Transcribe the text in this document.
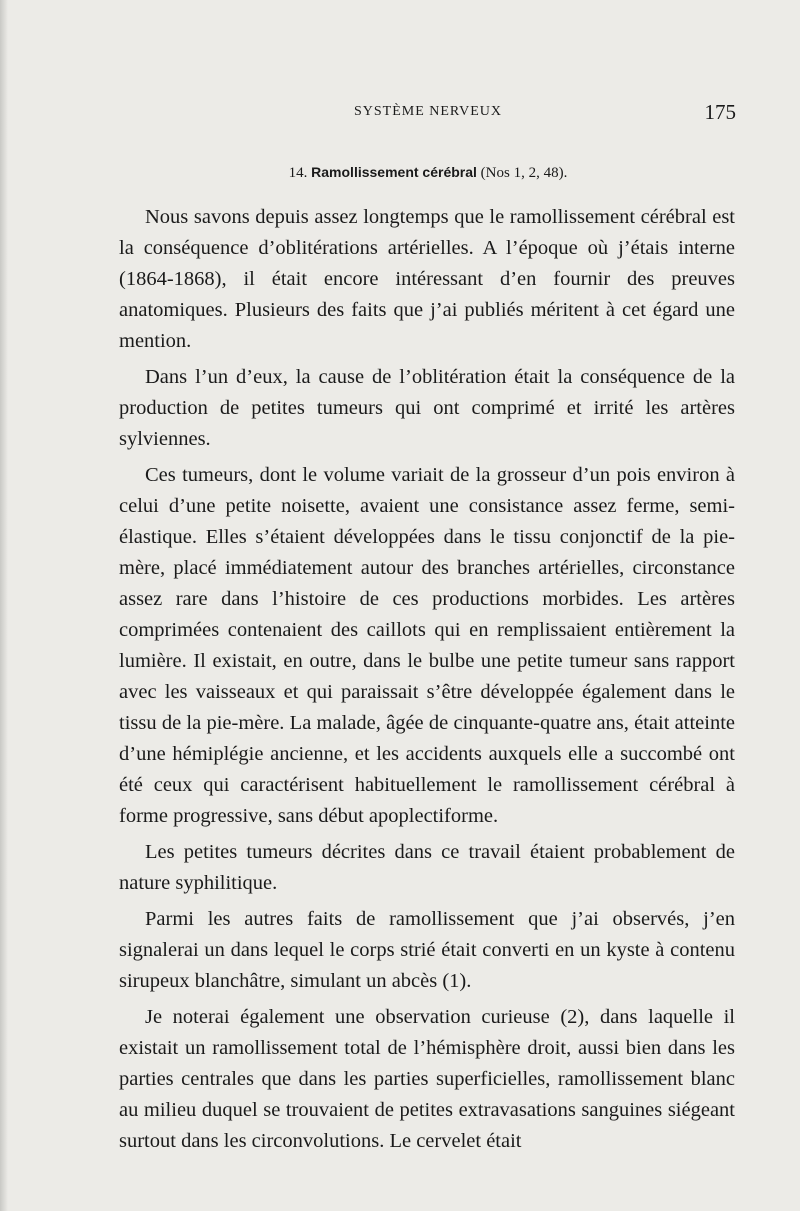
SYSTÈME NERVEUX	175
14. Ramollissement cérébral (Nos 1, 2, 48).

Nous savons depuis assez longtemps que le ramollissement cérébral est la conséquence d’oblitérations artérielles. A l’époque où j’étais interne (1864-1868), il était encore intéressant d’en fournir des preuves anatomiques. Plusieurs des faits que j’ai publiés méritent à cet égard une mention.

Dans l’un d’eux, la cause de l’oblitération était la conséquence de la production de petites tumeurs qui ont comprimé et irrité les artères sylviennes.

Ces tumeurs, dont le volume variait de la grosseur d’un pois environ à celui d’une petite noisette, avaient une consistance assez ferme, semi-élastique. Elles s’étaient développées dans le tissu conjonctif de la pie-mère, placé immédiatement autour des branches artérielles, circonstance assez rare dans l’histoire de ces productions morbides. Les artères comprimées contenaient des caillots qui en remplissaient entièrement la lumière. Il existait, en outre, dans le bulbe une petite tumeur sans rapport avec les vaisseaux et qui paraissait s’être développée également dans le tissu de la pie-mère. La malade, âgée de cinquante-quatre ans, était atteinte d’une hémiplégie ancienne, et les accidents auxquels elle a succombé ont été ceux qui caractérisent habituellement le ramollissement cérébral à forme progressive, sans début apoplectiforme.

Les petites tumeurs décrites dans ce travail étaient probablement de nature syphilitique.

Parmi les autres faits de ramollissement que j’ai observés, j’en signalerai un dans lequel le corps strié était converti en un kyste à contenu sirupeux blanchâtre, simulant un abcès (1).

Je noterai également une observation curieuse (2), dans laquelle il existait un ramollissement total de l’hémisphère droit, aussi bien dans les parties centrales que dans les parties superficielles, ramollissement blanc au milieu duquel se trouvaient de petites extravasations sanguines siégeant surtout dans les circonvolutions. Le cervelet était
